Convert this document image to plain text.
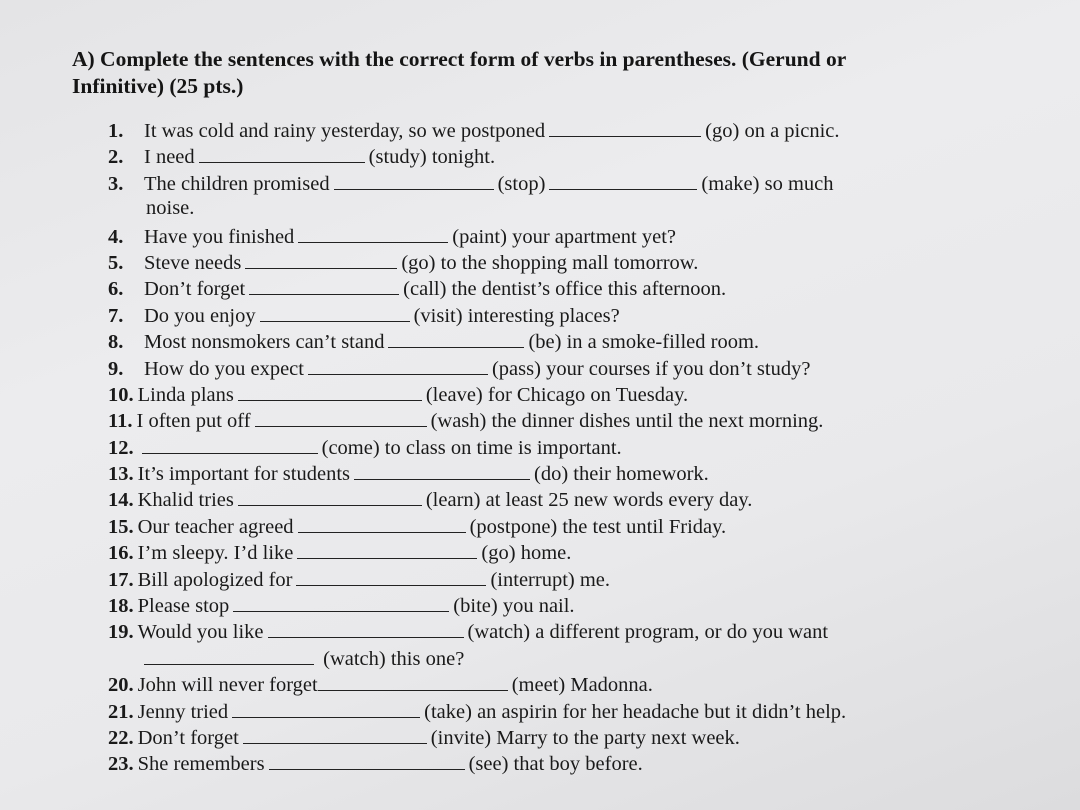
A) Complete the sentences with the correct form of verbs in parentheses. (Gerund or
Infinitive) (25 pts.)
1.	It was cold and rainy yesterday, so we postponed	(go) on a picnic.
2.	I need	(study) tonight.
3.	The children promised	(stop)	(make) so much
noise.
4.	Have you finished	(paint) your apartment yet?
5.	Steve needs	(go) to the shopping mall tomorrow.
6.	Don’t forget	(call) the dentist’s office this afternoon.
7.	Do you enjoy	(visit) interesting places?
8.	Most nonsmokers can’t stand	(be) in a smoke-filled room.
9.	How do you expect	(pass) your courses if you don’t study?
10. Linda plans	(leave) for Chicago on Tuesday.
11. I often put off	(wash) the dinner dishes until the next morning.
12.	(come) to class on time is important.
13. It’s important for students	(do) their homework.
14. Khalid tries	(learn) at least 25 new words every day.
15. Our teacher agreed	(postpone) the test until Friday.
16. I’m sleepy. I’d like	(go) home.
17. Bill apologized for	(interrupt) me.
18. Please stop	(bite) you nail.
19. Would you like	(watch) a different program, or do you want
(watch) this one?
20. John will never forget	(meet) Madonna.
21. Jenny tried	(take) an aspirin for her headache but it didn’t help.
22. Don’t forget	(invite) Marry to the party next week.
23. She remembers	(see) that boy before.
